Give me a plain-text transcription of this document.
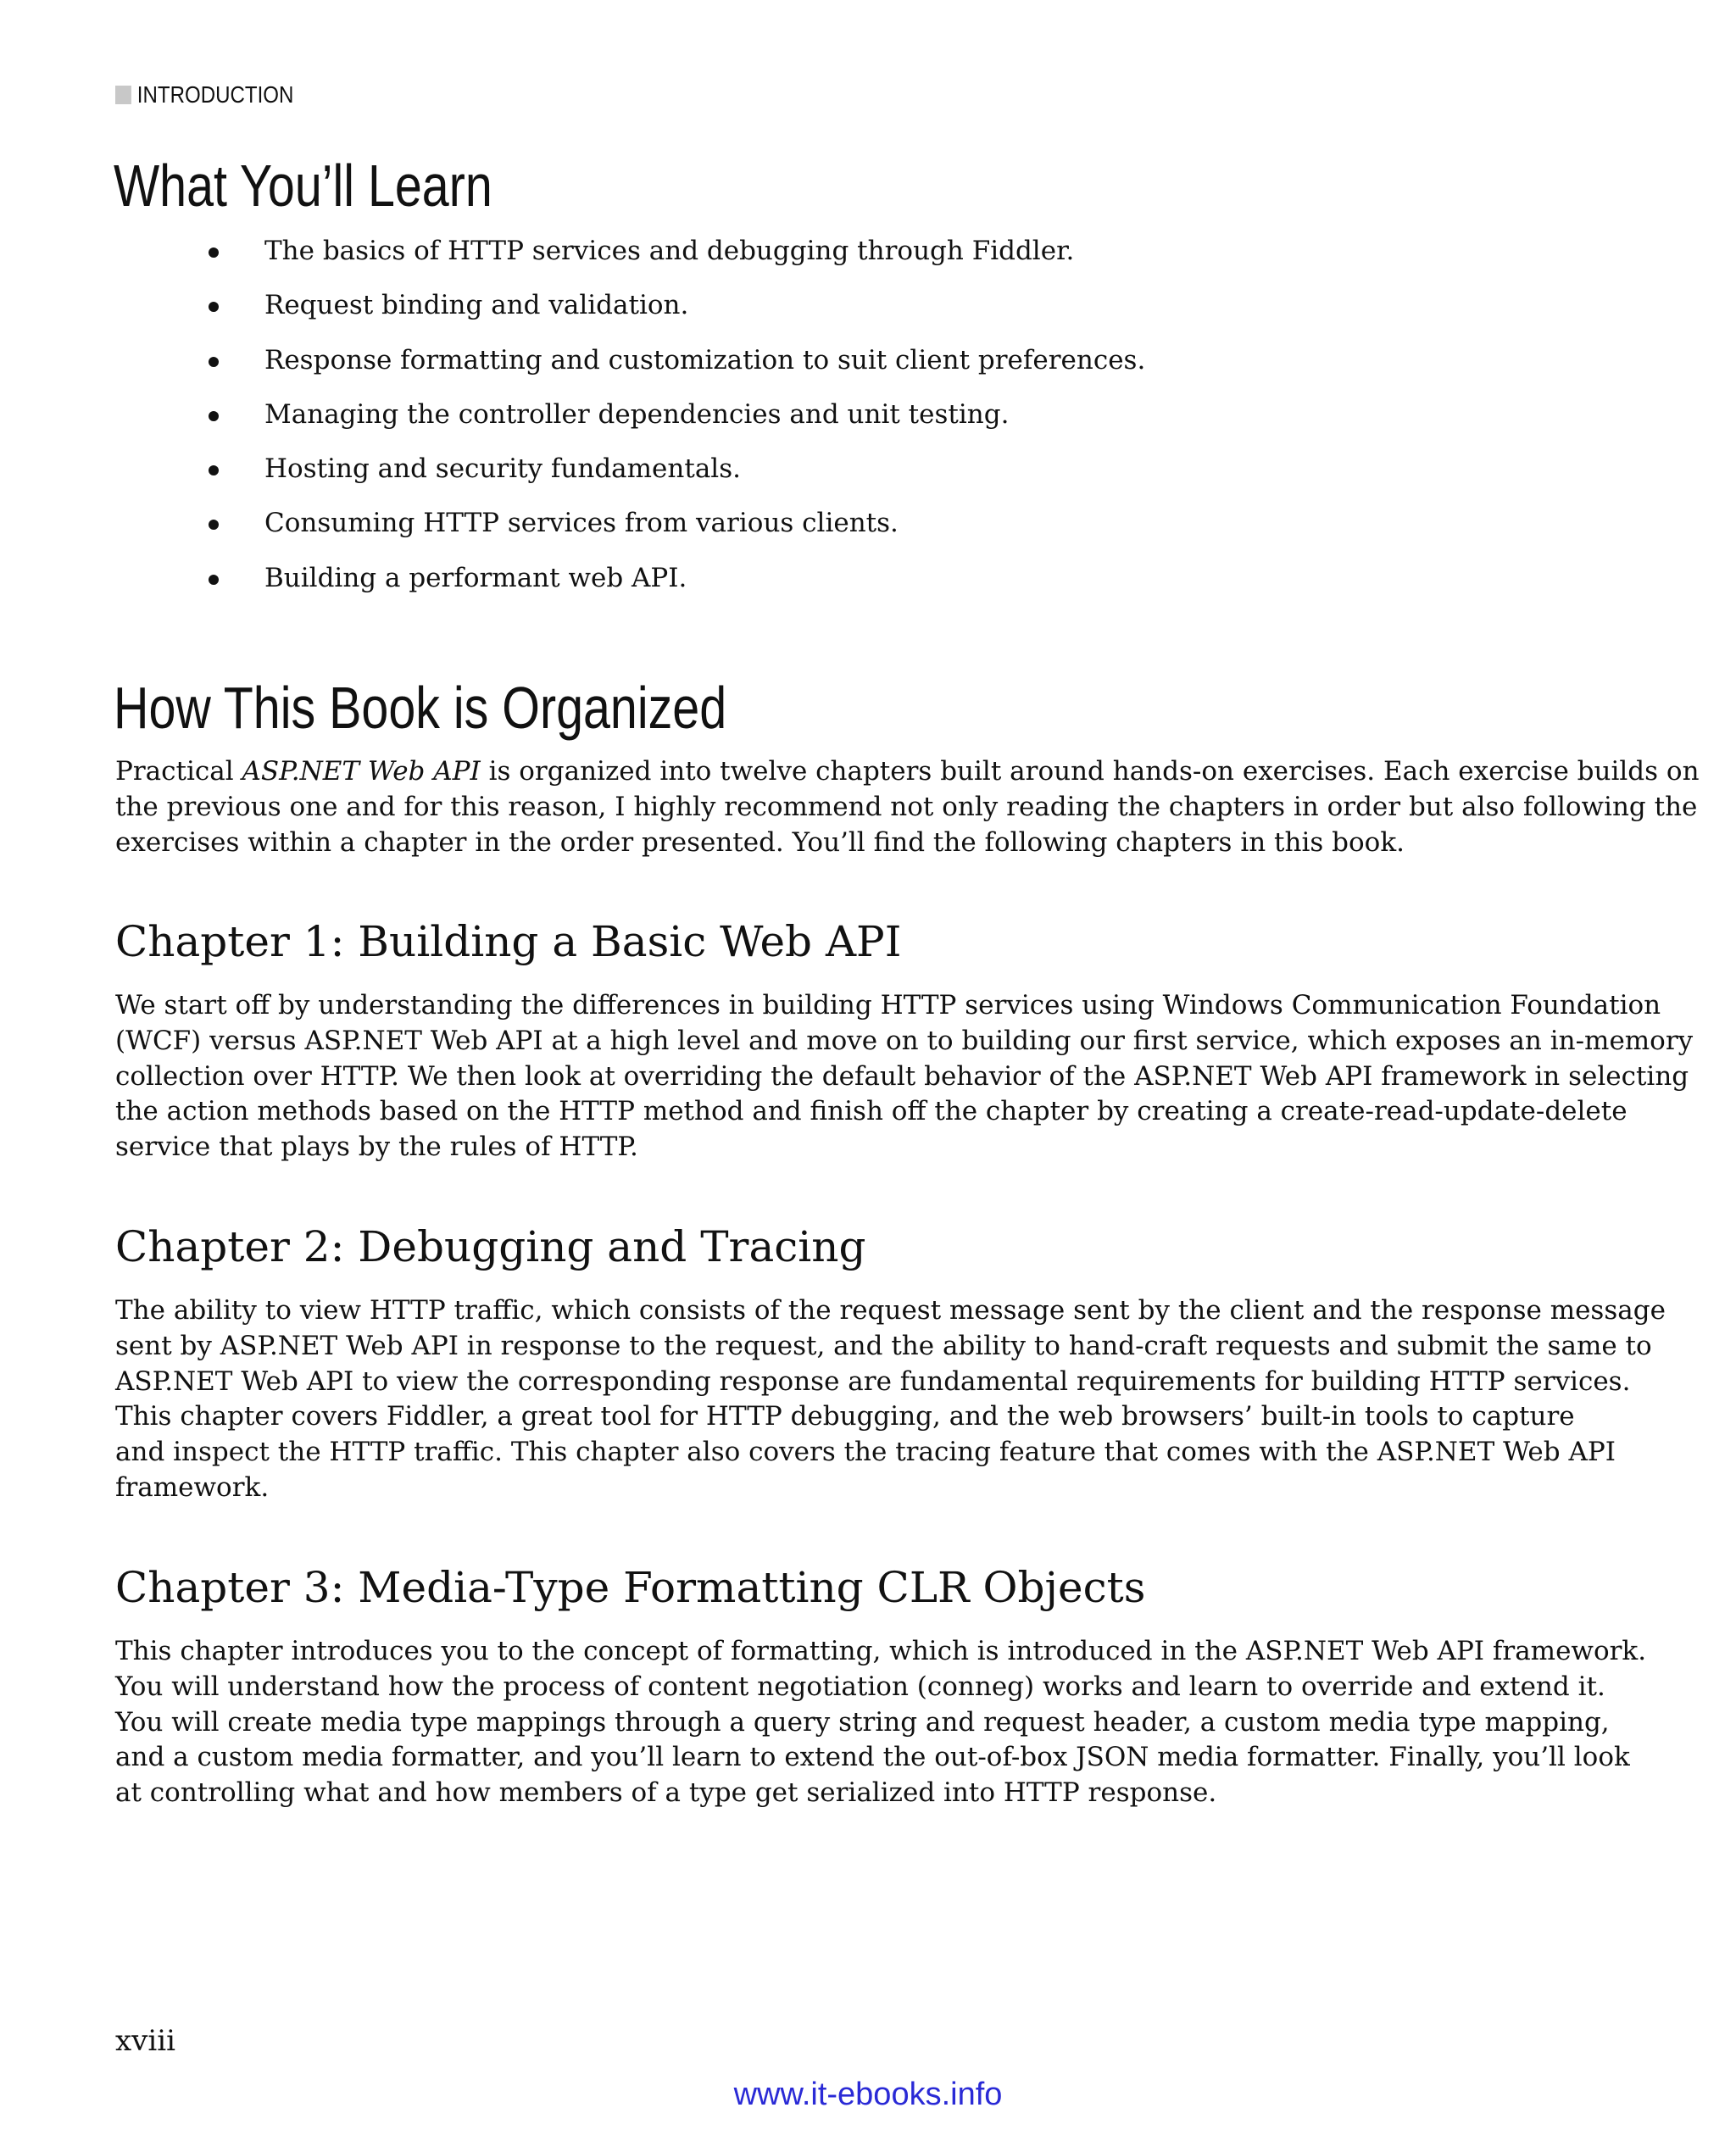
INTRODUCTION
What You’ll Learn
The basics of HTTP services and debugging through Fiddler.
Request binding and validation.
Response formatting and customization to suit client preferences.
Managing the controller dependencies and unit testing.
Hosting and security fundamentals.
Consuming HTTP services from various clients.
Building a performant web API.
How This Book is Organized

Practical ASP.NET Web API is organized into twelve chapters built around hands-on exercises. Each exercise builds on
the previous one and for this reason, I highly recommend not only reading the chapters in order but also following the
exercises within a chapter in the order presented. You’ll find the following chapters in this book.

Chapter 1: Building a Basic Web API

We start off by understanding the differences in building HTTP services using Windows Communication Foundation
(WCF) versus ASP.NET Web API at a high level and move on to building our first service, which exposes an in-memory
collection over HTTP. We then look at overriding the default behavior of the ASP.NET Web API framework in selecting
the action methods based on the HTTP method and finish off the chapter by creating a create-read-update-delete
service that plays by the rules of HTTP.

Chapter 2: Debugging and Tracing

The ability to view HTTP traffic, which consists of the request message sent by the client and the response message
sent by ASP.NET Web API in response to the request, and the ability to hand-craft requests and submit the same to
ASP.NET Web API to view the corresponding response are fundamental requirements for building HTTP services.
This chapter covers Fiddler, a great tool for HTTP debugging, and the web browsers’ built-in tools to capture
and inspect the HTTP traffic. This chapter also covers the tracing feature that comes with the ASP.NET Web API
framework.

Chapter 3: Media-Type Formatting CLR Objects

This chapter introduces you to the concept of formatting, which is introduced in the ASP.NET Web API framework.
You will understand how the process of content negotiation (conneg) works and learn to override and extend it.
You will create media type mappings through a query string and request header, a custom media type mapping,
and a custom media formatter, and you’ll learn to extend the out-of-box JSON media formatter. Finally, you’ll look
at controlling what and how members of a type get serialized into HTTP response.

xviii
www.it-ebooks.info
